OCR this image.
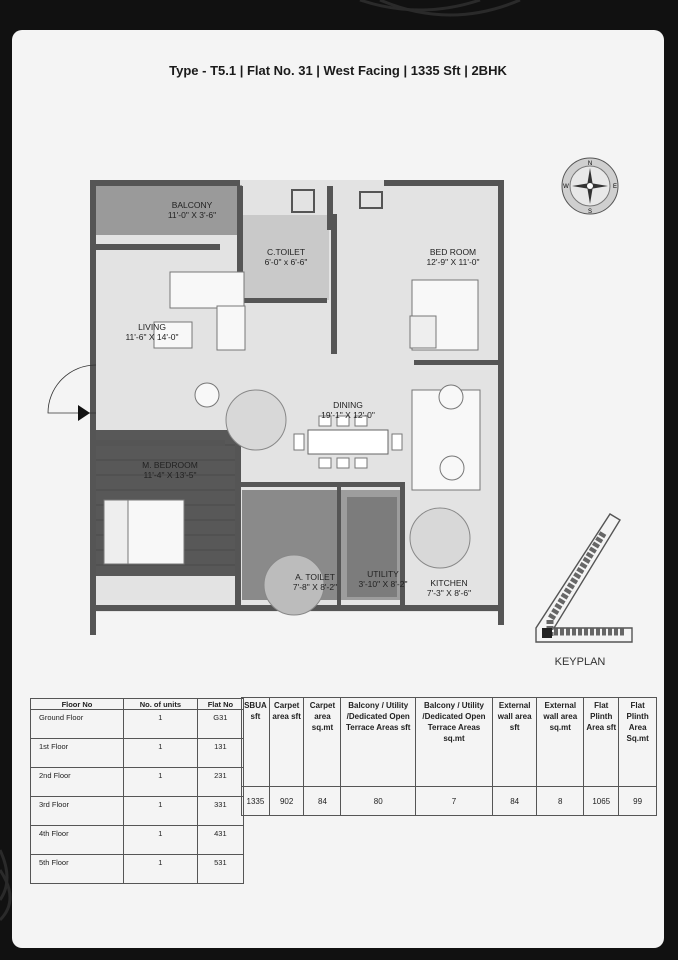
Type - T5.1 | Flat No. 31 | West Facing | 1335 Sft | 2BHK
BALCONY
11'-0" X 3'-6"
C.TOILET
6'-0" x 6'-6"
BED ROOM
12'-9" X 11'-0"
LIVING
11'-6" X 14'-0"
DINING
19'-1" X 12'-0"
M. BEDROOM
11'-4" X 13'-5"
A. TOILET
7'-8" X 8'-2"
UTILITY
3'-10" X 8'-2"	KITCHEN
7'-3" X 8'-6"
N
S
E
W
KEYPLAN
Floor No	No. of units	Flat No
Ground Floor	1	G31
1st Floor	1	131
2nd Floor	1	231
3rd Floor	1	331
4th Floor	1	431
5th Floor	1	531
SBUA sft	Carpet area sft	Carpet area sq.mt	Balcony / Utility /Dedicated Open Terrace Areas sft	Balcony / Utility /Dedicated Open Terrace Areas sq.mt	External wall area sft	External wall area sq.mt	Flat Plinth Area sft	Flat Plinth Area Sq.mt
1335	902	84	80	7	84	8	1065	99
